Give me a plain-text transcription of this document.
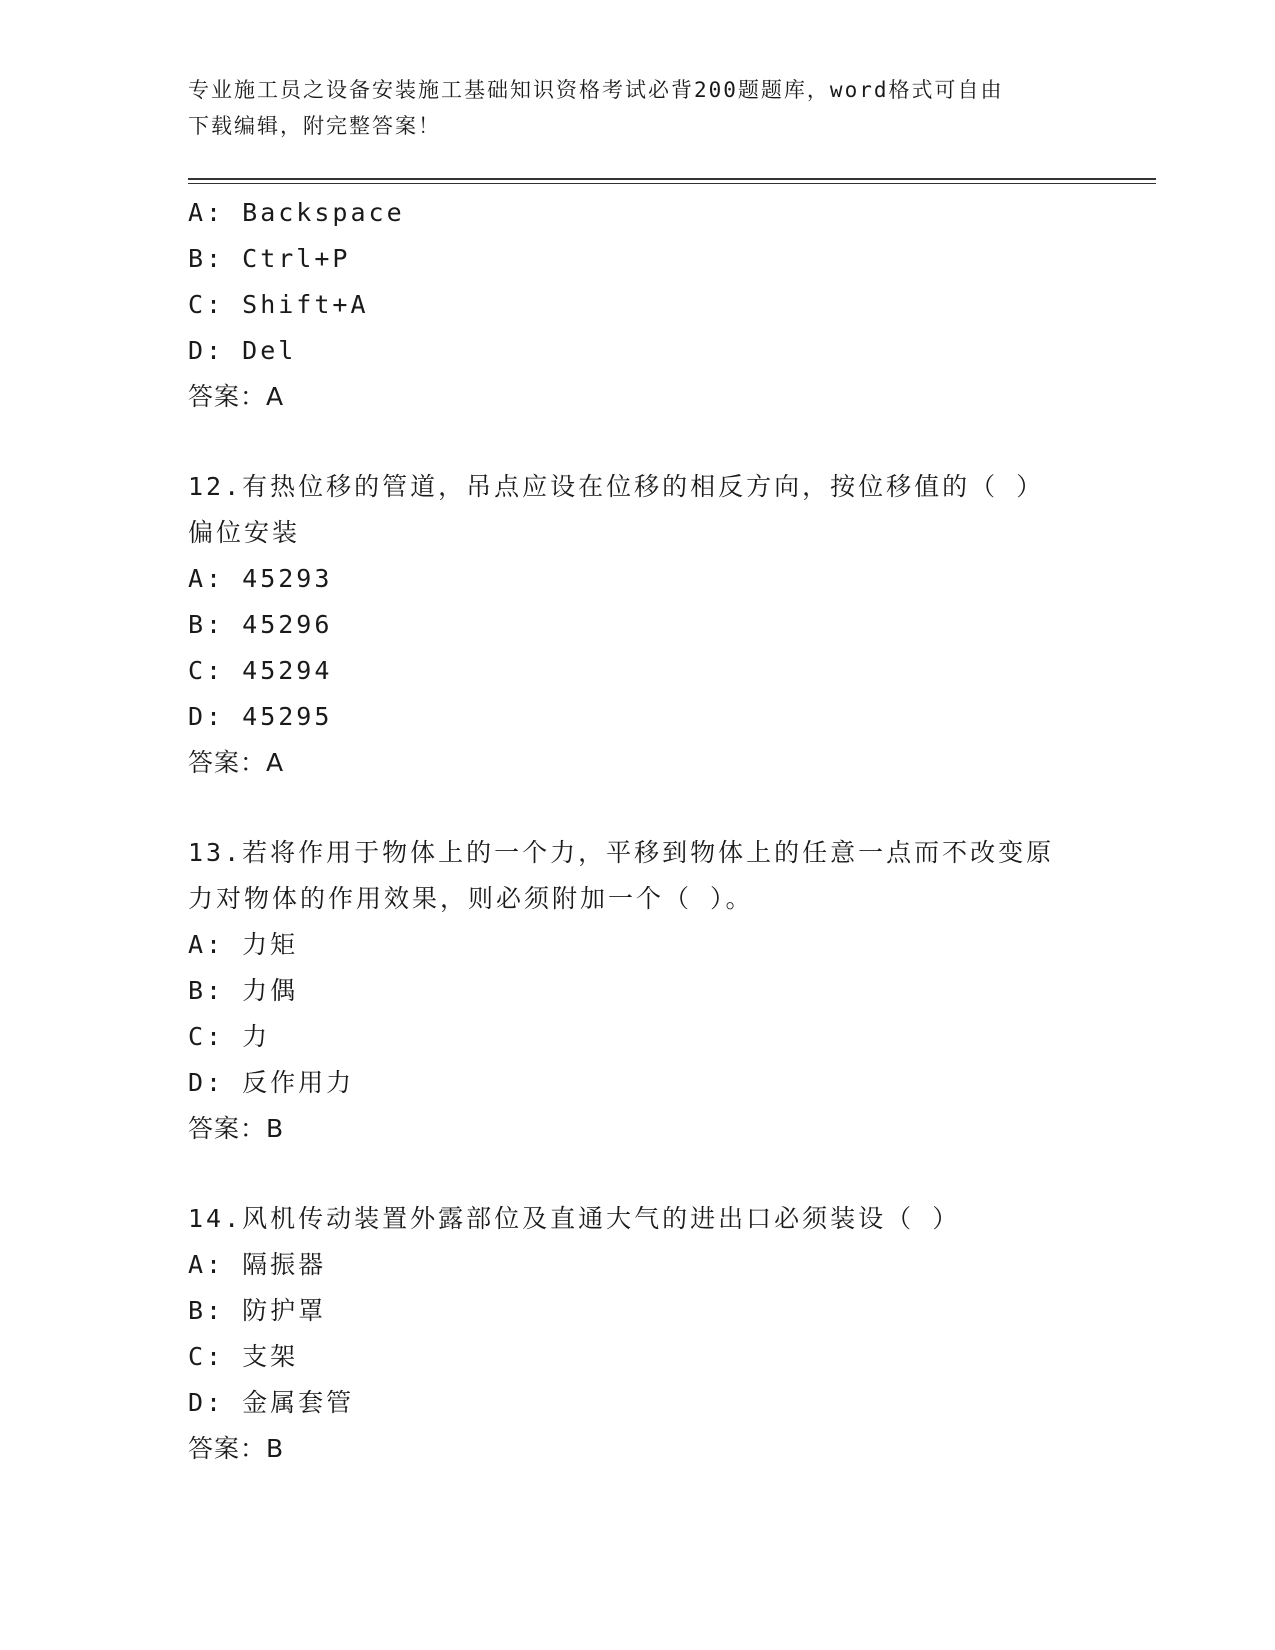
专业施工员之设备安装施工基础知识资格考试必背200题题库，word格式可自由
下载编辑，附完整答案！
A: Backspace
B: Ctrl+P
C: Shift+A
D: Del
答案：A
12.有热位移的管道，吊点应设在位移的相反方向，按位移值的（ ）
偏位安装
A: 45293
B: 45296
C: 45294
D: 45295
答案：A
13.若将作用于物体上的一个力，平移到物体上的任意一点而不改变原
力对物体的作用效果，则必须附加一个（ ）。
A: 力矩
B: 力偶
C: 力
D: 反作用力
答案：B
14.风机传动装置外露部位及直通大气的进出口必须装设（ ）
A: 隔振器
B: 防护罩
C: 支架
D: 金属套管
答案：B
